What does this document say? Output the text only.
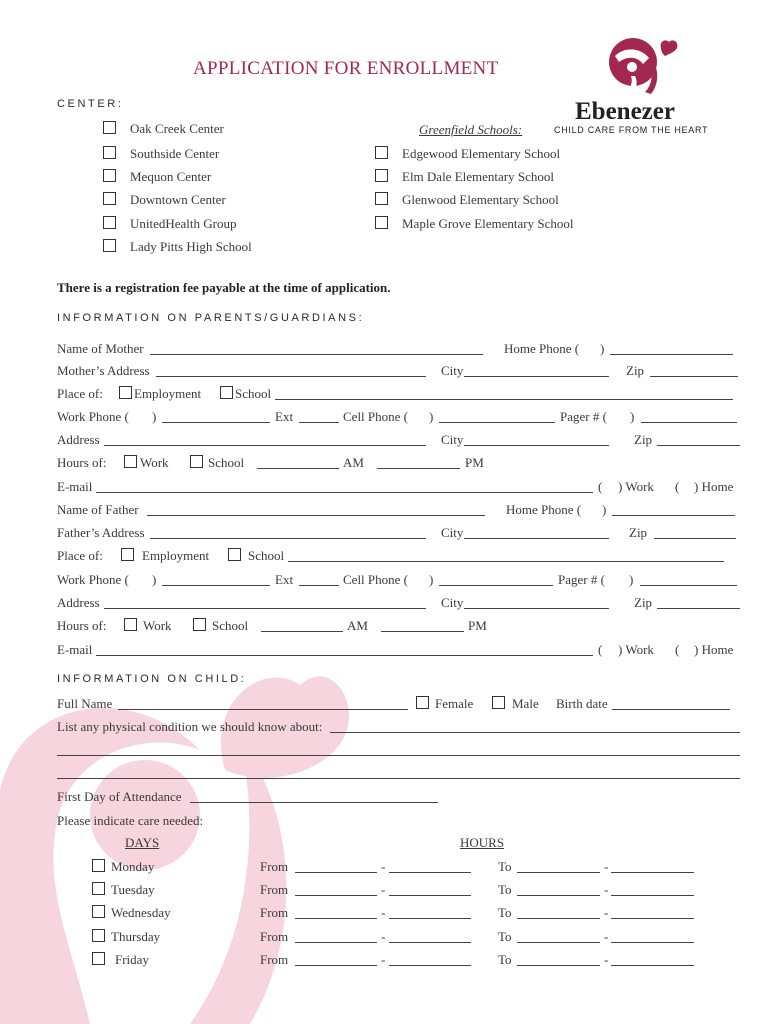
APPLICATION FOR ENROLLMENT
Ebenezer
CHILD CARE FROM THE HEART
CENTER:
Oak Creek Center
Southside Center
Mequon Center
Downtown Center
UnitedHealth Group
Lady Pitts High School
Greenfield Schools:
Edgewood Elementary School
Elm Dale Elementary School
Glenwood Elementary School
Maple Grove Elementary School
There is a registration fee payable at the time of application.
INFORMATION ON PARENTS/GUARDIANS:
Name of Mother	Home Phone ( )
Mother’s Address	City	Zip
Place of: Employment	School
Work Phone ( )	Ext	Cell Phone ( )	Pager # ( )
Address	City	Zip
Hours of:	Work	School	AM	PM
E-mail	( ) Work ( ) Home
Name of Father	Home Phone ( )
Father’s Address	City	Zip
Place of:	Employment	School
Work Phone ( )	Ext	Cell Phone ( )	Pager # ( )
Address	City	Zip
Hours of:	Work	School	AM	PM
E-mail	( ) Work ( ) Home
INFORMATION ON CHILD:
Full Name	Female	Male Birth date
List any physical condition we should know about:
First Day of Attendance
Please indicate care needed:
DAYS	HOURS
Monday	From	-	To	-
Tuesday	From	-	To	-
Wednesday	From	-	To	-
Thursday	From	-	To	-
Friday	From	-	To	-
